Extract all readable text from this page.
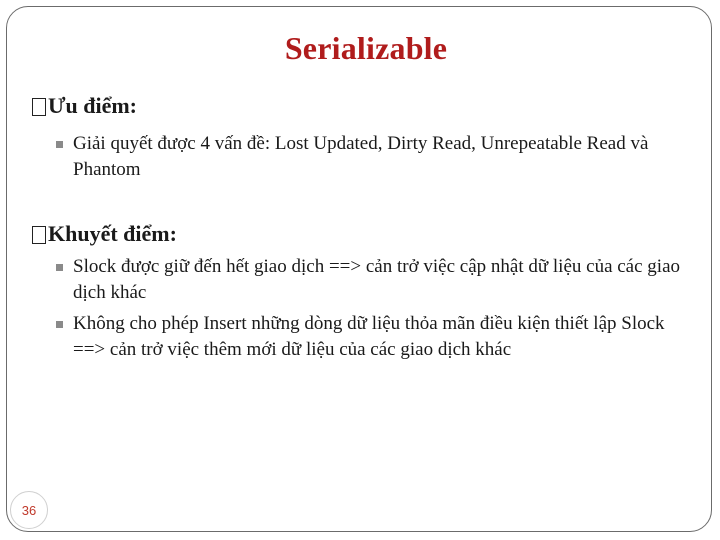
Serializable
Ưu điểm:
Giải quyết được 4 vấn đề: Lost Updated, Dirty Read, Unrepeatable Read và Phantom
Khuyết điểm:
Slock được giữ đến hết giao dịch ==> cản trở việc cập nhật dữ liệu của các giao dịch khác
Không cho phép Insert những dòng dữ liệu thỏa mãn điều kiện thiết lập Slock ==> cản trở việc thêm mới dữ liệu của các giao dịch khác
36
